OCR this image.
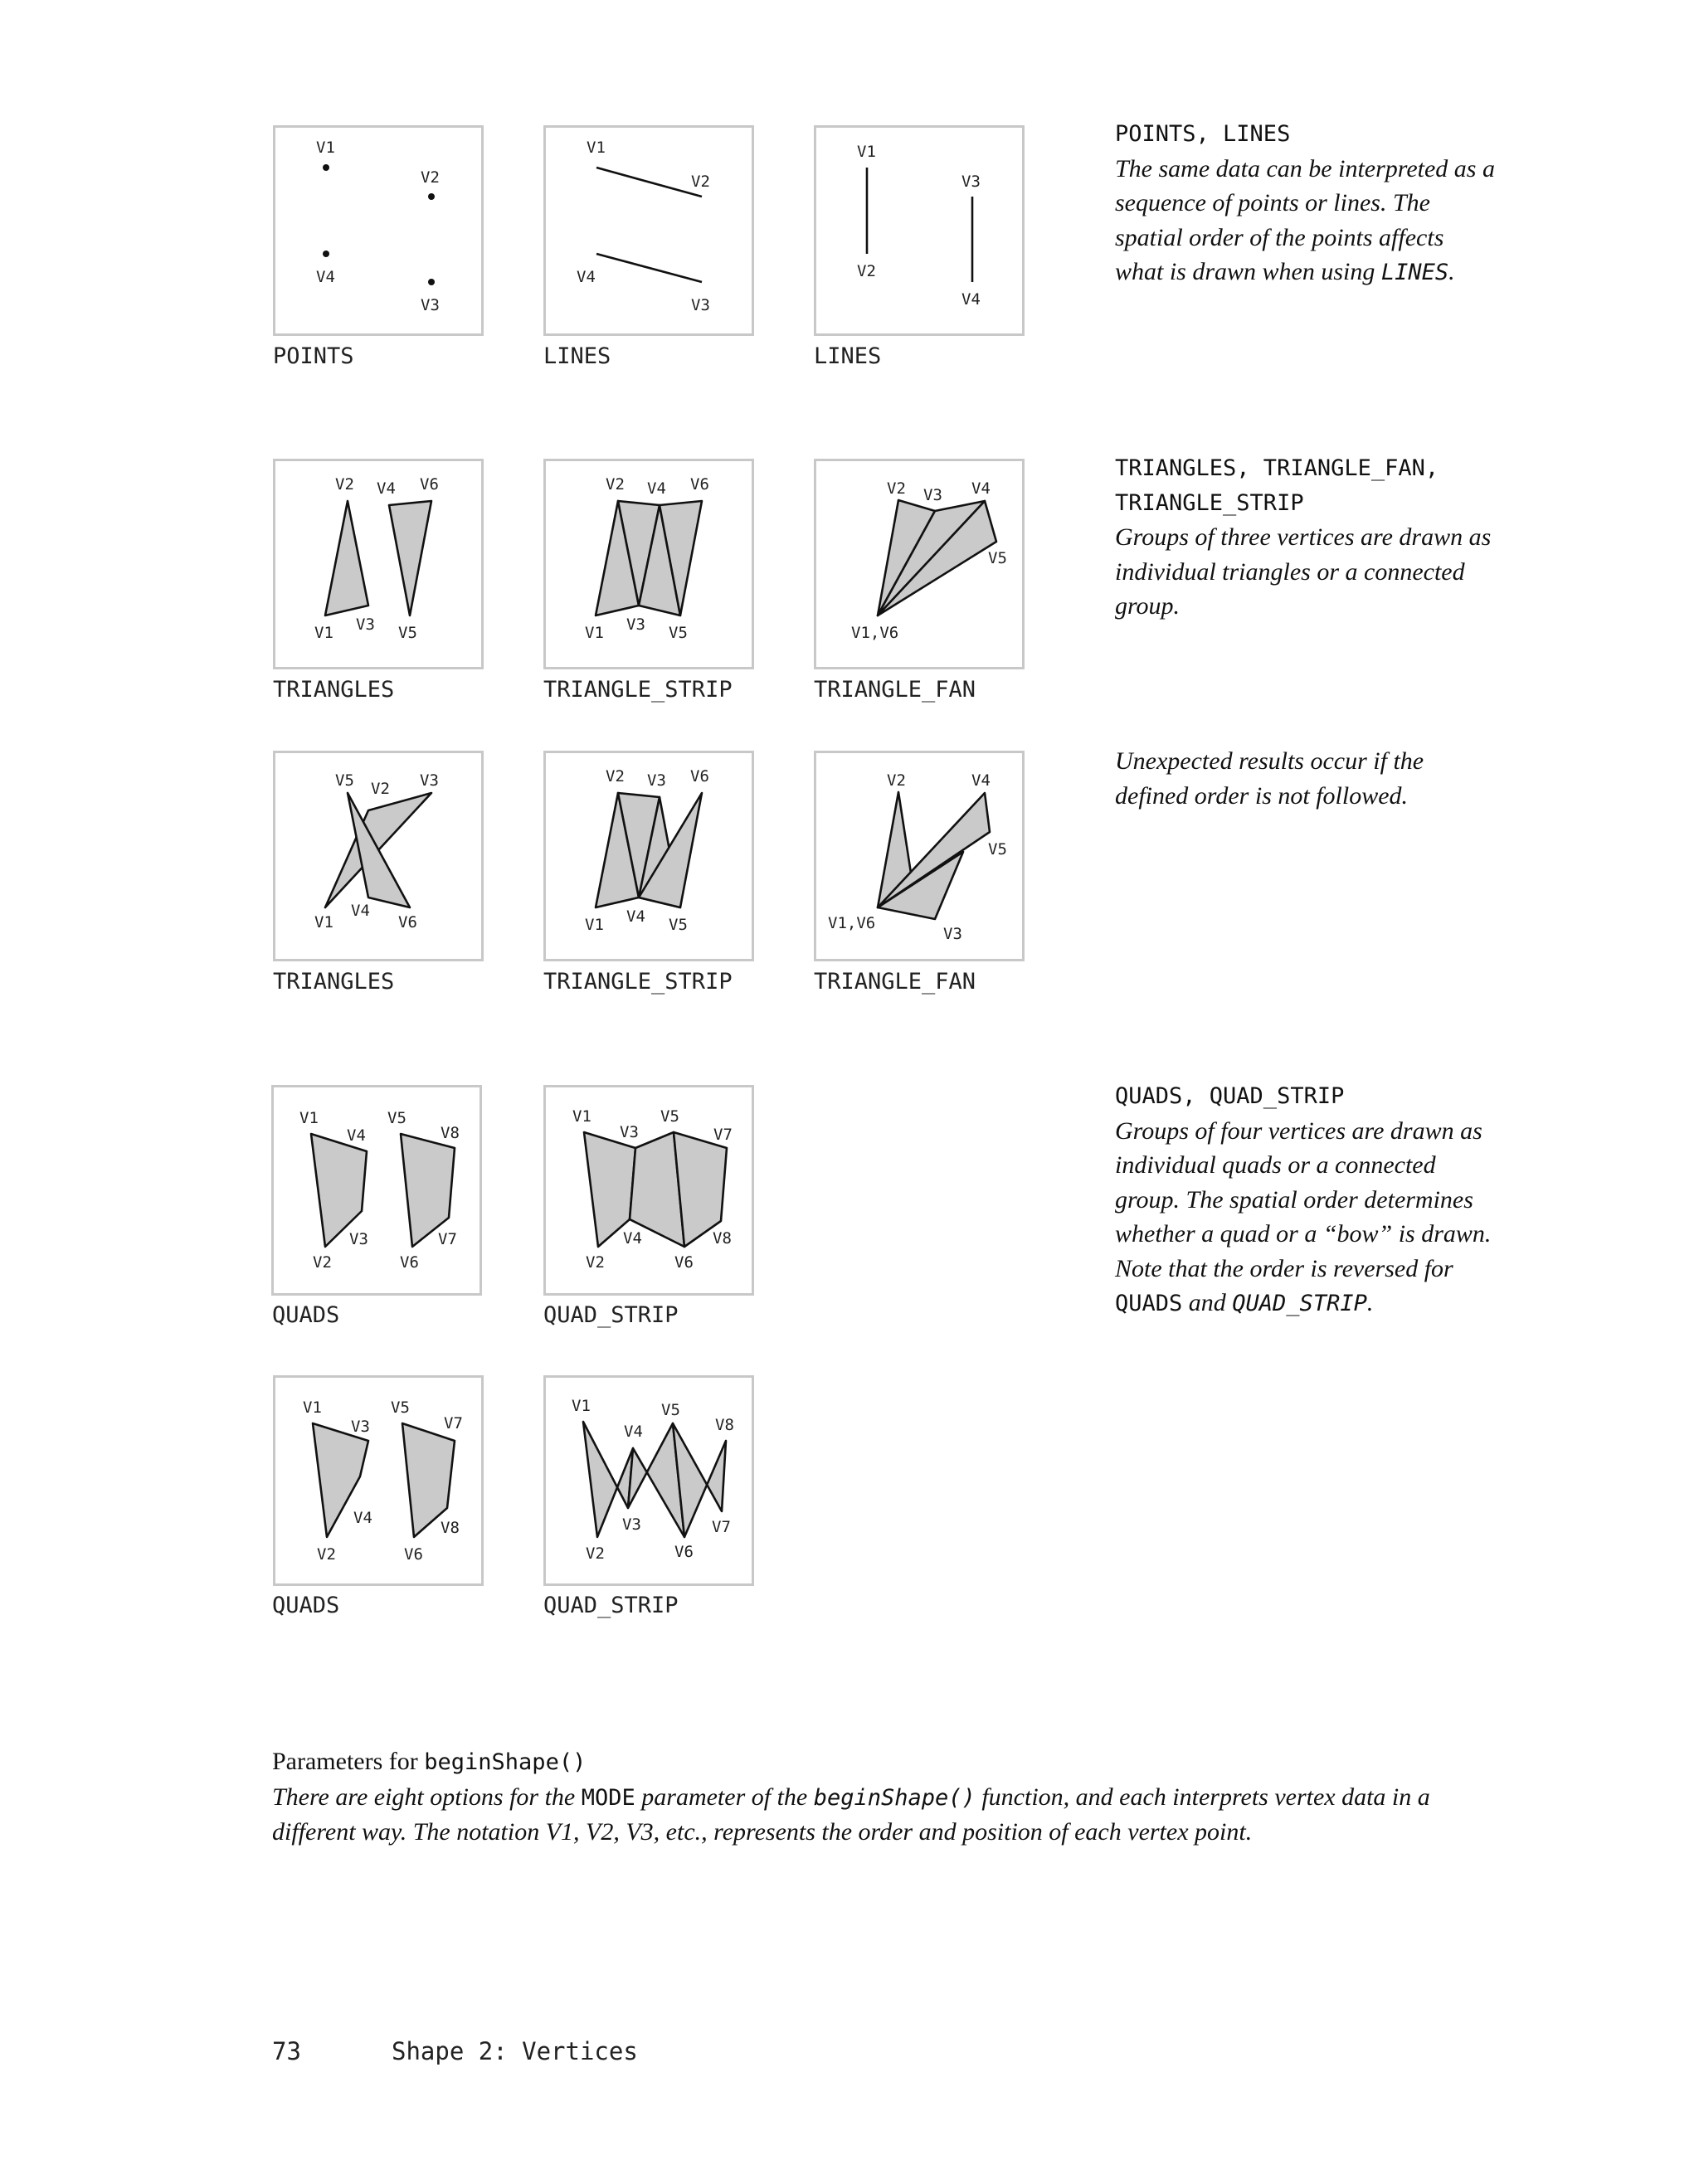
V1
V2
V3
V4
POINTS
V1
V2
V3
V4
LINES
V1
V2
V3
V4
LINES
V2 V4 V6
V1 V3 V5
TRIANGLES
V2 V4 V6
V1 V3 V5
TRIANGLE_STRIP
V2 V3 V4
V5
V1,V6
TRIANGLE_FAN
V5 V2 V3
V1
V4
V6
TRIANGLES
V2 V3 V6
V1 V4 V5
TRIANGLE_STRIP
V2	V4
V5
V3
V1,V6
TRIANGLE_FAN
V1
V4
V5
V8
V3
V2
V7
V6
QUADS
V1
V3
V5
V7
V4
V2
V8
V6
QUAD_STRIP
V1
V3
V5
V7
V4
V2
V8
V6
QUADS
V1
V4
V5
V8
V3
V2
V7
V6
QUAD_STRIP
POINTS, LINES
The same data can be interpreted as a sequence of points or lines. The spatial order of the points affects what is drawn when using LINES.
TRIANGLES, TRIANGLE_FAN,
TRIANGLE_STRIP
Groups of three vertices are drawn as individual triangles or a connected group.
Unexpected results occur if the defined order is not followed.
QUADS, QUAD_STRIP
Groups of four vertices are drawn as individual quads or a connected group. The spatial order determines whether a quad or a “bow” is drawn. Note that the order is reversed for QUADS and QUAD_STRIP.
Parameters for beginShape()
There are eight options for the MODE parameter of the beginShape() function, and each interprets vertex data in a different way. The notation V1, V2, V3, etc., represents the order and position of each vertex point.
73	Shape 2: Vertices
